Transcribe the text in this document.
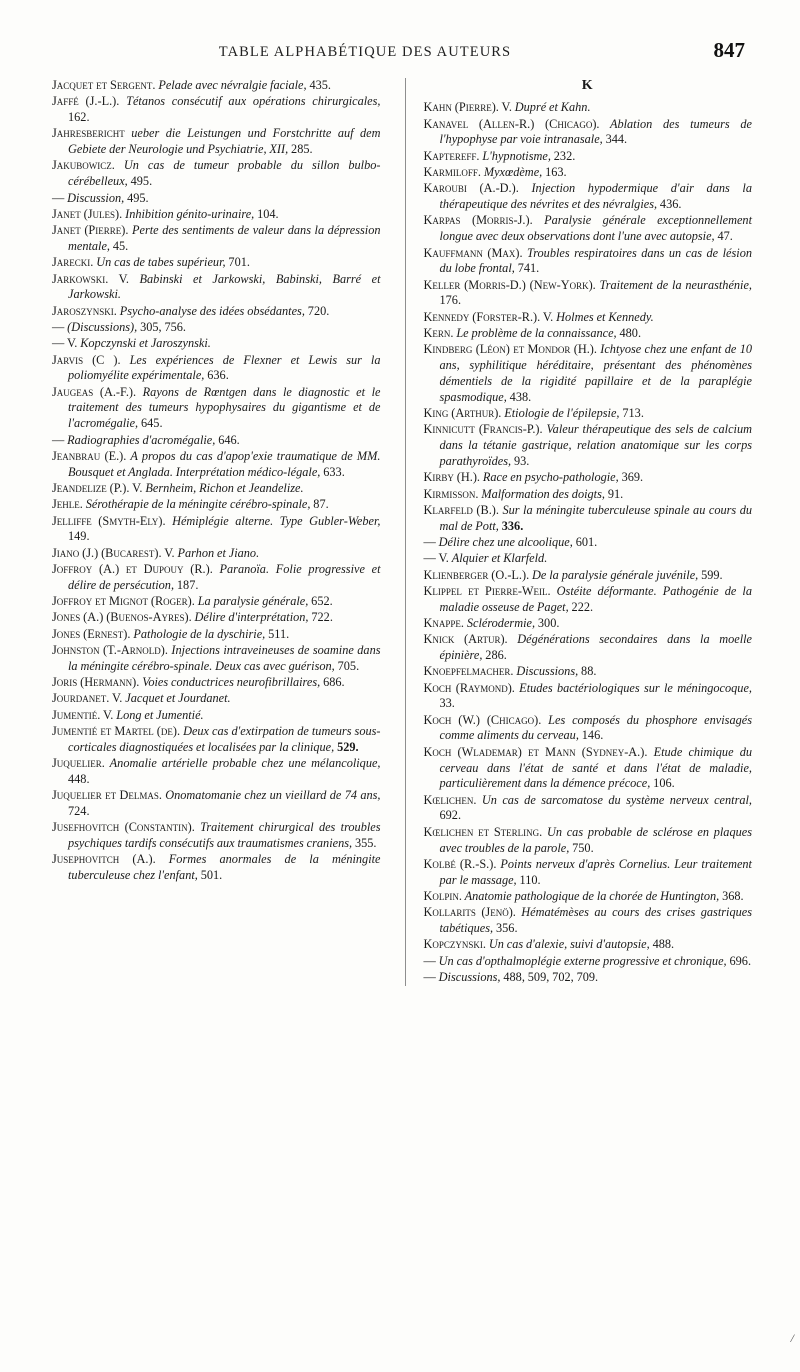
TABLE ALPHABÉTIQUE DES AUTEURS	847
Jacquet et Sergent. Pelade avec névralgie faciale, 435.
Jaffé (J.-L.). Tétanos consécutif aux opérations chirurgicales, 162.
Jahresbericht ueber die Leistungen und Forstchritte auf dem Gebiete der Neurologie und Psychiatrie, XII, 285.
Jakubowicz. Un cas de tumeur probable du sillon bulbo-cérébelleux, 495.
— Discussion, 495.
Janet (Jules). Inhibition génito-urinaire, 104.
Janet (Pierre). Perte des sentiments de valeur dans la dépression mentale, 45.
Jarecki. Un cas de tabes supérieur, 701.
Jarkowski. V. Babinski et Jarkowski, Babinski, Barré et Jarkowski.
Jaroszynski. Psycho-analyse des idées obsédantes, 720.
— (Discussions), 305, 756.
— V. Kopczynski et Jaroszynski.
Jarvis (C ). Les expériences de Flexner et Lewis sur la poliomyélite expérimentale, 636.
Jaugeas (A.-F.). Rayons de Rœntgen dans le diagnostic et le traitement des tumeurs hypophysaires du gigantisme et de l'acromégalie, 645.
— Radiographies d'acromégalie, 646.
Jeanbrau (E.). A propos du cas d'apop'exie traumatique de MM. Bousquet et Anglada. Interprétation médico-légale, 633.
Jeandelize (P.). V. Bernheim, Richon et Jeandelize.
Jehle. Sérothérapie de la méningite cérébro-spinale, 87.
Jelliffe (Smyth-Ely). Hémiplégie alterne. Type Gubler-Weber, 149.
Jiano (J.) (Bucarest). V. Parhon et Jiano.
Joffroy (A.) et Dupouy (R.). Paranoïa. Folie progressive et délire de persécution, 187.
Joffroy et Mignot (Roger). La paralysie générale, 652.
Jones (A.) (Buenos-Ayres). Délire d'interprétation, 722.
Jones (Ernest). Pathologie de la dyschirie, 511.
Johnston (T.-Arnold). Injections intraveineuses de soamine dans la méningite cérébro-spinale. Deux cas avec guérison, 705.
Joris (Hermann). Voies conductrices neurofibrillaires, 686.
Jourdanet. V. Jacquet et Jourdanet.
Jumentié. V. Long et Jumentié.
Jumentié et Martel (de). Deux cas d'extirpation de tumeurs sous-corticales diagnostiquées et localisées par la clinique, 529.
Juquelier. Anomalie artérielle probable chez une mélancolique, 448.
Juquelier et Delmas. Onomatomanie chez un vieillard de 74 ans, 724.
Jusefhovitch (Constantin). Traitement chirurgical des troubles psychiques tardifs consécutifs aux traumatismes craniens, 355.
Jusephovitch (A.). Formes anormales de la méningite tuberculeuse chez l'enfant, 501.
K
Kahn (Pierre). V. Dupré et Kahn.
Kanavel (Allen-R.) (Chicago). Ablation des tumeurs de l'hypophyse par voie intranasale, 344.
Kaptereff. L'hypnotisme, 232.
Karmiloff. Myxœdème, 163.
Karoubi (A.-D.). Injection hypodermique d'air dans la thérapeutique des névrites et des névralgies, 436.
Karpas (Morris-J.). Paralysie générale exceptionnellement longue avec deux observations dont l'une avec autopsie, 47.
Kauffmann (Max). Troubles respiratoires dans un cas de lésion du lobe frontal, 741.
Keller (Morris-D.) (New-York). Traitement de la neurasthénie, 176.
Kennedy (Forster-R.). V. Holmes et Kennedy.
Kern. Le problème de la connaissance, 480.
Kindberg (Léon) et Mondor (H.). Ichtyose chez une enfant de 10 ans, syphilitique héréditaire, présentant des phénomènes démentiels de la rigidité papillaire et de la paraplégie spasmodique, 438.
King (Arthur). Etiologie de l'épilepsie, 713.
Kinnicutt (Francis-P.). Valeur thérapeutique des sels de calcium dans la tétanie gastrique, relation anatomique sur les corps parathyroïdes, 93.
Kirby (H.). Race en psycho-pathologie, 369.
Kirmisson. Malformation des doigts, 91.
Klarfeld (B.). Sur la méningite tuberculeuse spinale au cours du mal de Pott, 336.
— Délire chez une alcoolique, 601.
— V. Alquier et Klarfeld.
Klienberger (O.-L.). De la paralysie générale juvénile, 599.
Klippel et Pierre-Weil. Ostéite déformante. Pathogénie de la maladie osseuse de Paget, 222.
Knappe. Sclérodermie, 300.
Knick (Artur). Dégénérations secondaires dans la moelle épinière, 286.
Knoepfelmacher. Discussions, 88.
Koch (Raymond). Etudes bactériologiques sur le méningocoque, 33.
Koch (W.) (Chicago). Les composés du phosphore envisagés comme aliments du cerveau, 146.
Koch (Wlademar) et Mann (Sydney-A.). Etude chimique du cerveau dans l'état de santé et dans l'état de maladie, particulièrement dans la démence précoce, 106.
Kœlichen. Un cas de sarcomatose du système nerveux central, 692.
Kœlichen et Sterling. Un cas probable de sclérose en plaques avec troubles de la parole, 750.
Kolbé (R.-S.). Points nerveux d'après Cornelius. Leur traitement par le massage, 110.
Kolpin. Anatomie pathologique de la chorée de Huntington, 368.
Kollarits (Jenö). Hématémèses au cours des crises gastriques tabétiques, 356.
Kopczynski. Un cas d'alexie, suivi d'autopsie, 488.
— Un cas d'opthalmoplégie externe progressive et chronique, 696.
— Discussions, 488, 509, 702, 709.
/
